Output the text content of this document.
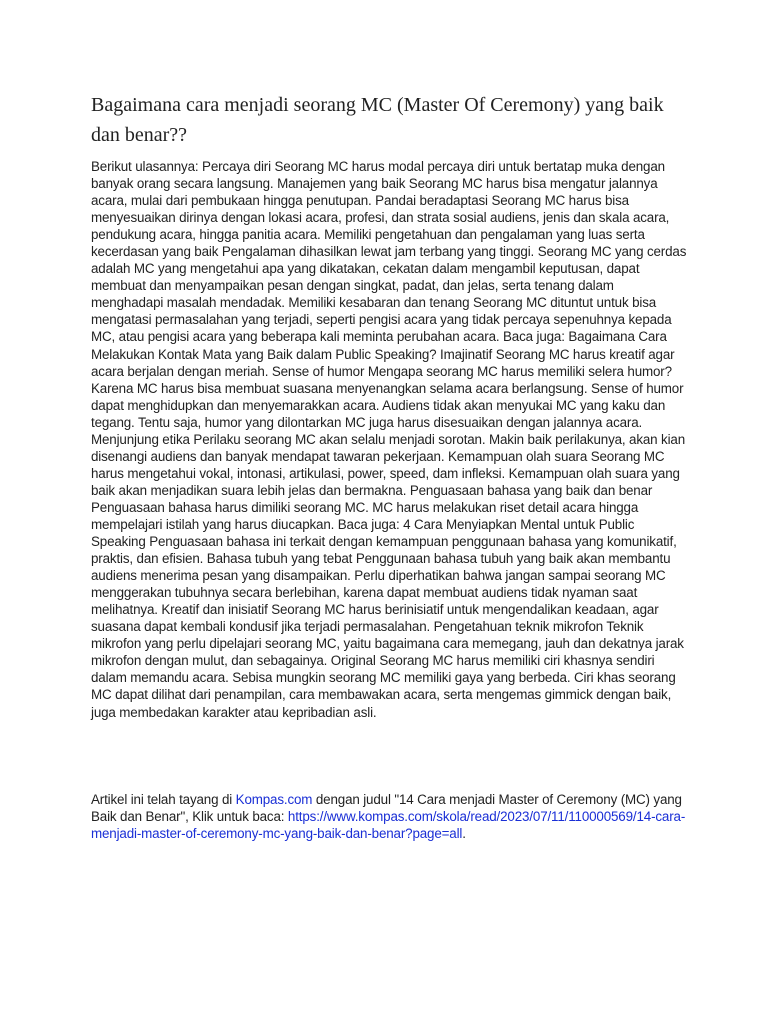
Bagaimana cara menjadi seorang MC (Master Of Ceremony) yang baik dan benar??

Berikut ulasannya: Percaya diri Seorang MC harus modal percaya diri untuk bertatap muka dengan banyak orang secara langsung. Manajemen yang baik Seorang MC harus bisa mengatur jalannya acara, mulai dari pembukaan hingga penutupan. Pandai beradaptasi Seorang MC harus bisa menyesuaikan dirinya dengan lokasi acara, profesi, dan strata sosial audiens, jenis dan skala acara, pendukung acara, hingga panitia acara. Memiliki pengetahuan dan pengalaman yang luas serta kecerdasan yang baik Pengalaman dihasilkan lewat jam terbang yang tinggi. Seorang MC yang cerdas adalah MC yang mengetahui apa yang dikatakan, cekatan dalam mengambil keputusan, dapat membuat dan menyampaikan pesan dengan singkat, padat, dan jelas, serta tenang dalam menghadapi masalah mendadak. Memiliki kesabaran dan tenang Seorang MC dituntut untuk bisa mengatasi permasalahan yang terjadi, seperti pengisi acara yang tidak percaya sepenuhnya kepada MC, atau pengisi acara yang beberapa kali meminta perubahan acara. Baca juga: Bagaimana Cara Melakukan Kontak Mata yang Baik dalam Public Speaking? Imajinatif Seorang MC harus kreatif agar acara berjalan dengan meriah. Sense of humor Mengapa seorang MC harus memiliki selera humor?Karena MC harus bisa membuat suasana menyenangkan selama acara berlangsung. Sense of humor dapat menghidupkan dan menyemarakkan acara. Audiens tidak akan menyukai MC yang kaku dan tegang. Tentu saja, humor yang dilontarkan MC juga harus disesuaikan dengan jalannya acara. Menjunjung etika Perilaku seorang MC akan selalu menjadi sorotan. Makin baik perilakunya, akan kian disenangi audiens dan banyak mendapat tawaran pekerjaan. Kemampuan olah suara Seorang MC harus mengetahui vokal, intonasi, artikulasi, power, speed, dam infleksi. Kemampuan olah suara yang baik akan menjadikan suara lebih jelas dan bermakna. Penguasaan bahasa yang baik dan benar Penguasaan bahasa harus dimiliki seorang MC. MC harus melakukan riset detail acara hingga mempelajari istilah yang harus diucapkan. Baca juga: 4 Cara Menyiapkan Mental untuk Public Speaking Penguasaan bahasa ini terkait dengan kemampuan penggunaan bahasa yang komunikatif, praktis, dan efisien. Bahasa tubuh yang tebat Penggunaan bahasa tubuh yang baik akan membantu audiens menerima pesan yang disampaikan. Perlu diperhatikan bahwa jangan sampai seorang MC menggerakan tubuhnya secara berlebihan, karena dapat membuat audiens tidak nyaman saat melihatnya. Kreatif dan inisiatif Seorang MC harus berinisiatif untuk mengendalikan keadaan, agar suasana dapat kembali kondusif jika terjadi permasalahan. Pengetahuan teknik mikrofon Teknik mikrofon yang perlu dipelajari seorang MC, yaitu bagaimana cara memegang, jauh dan dekatnya jarak mikrofon dengan mulut, dan sebagainya. Original Seorang MC harus memiliki ciri khasnya sendiri dalam memandu acara. Sebisa mungkin seorang MC memiliki gaya yang berbeda. Ciri khas seorang MC dapat dilihat dari penampilan, cara membawakan acara, serta mengemas gimmick dengan baik, juga membedakan karakter atau kepribadian asli.

Artikel ini telah tayang di Kompas.com dengan judul "14 Cara menjadi Master of Ceremony (MC) yang Baik dan Benar", Klik untuk baca: https://www.kompas.com/skola/read/2023/07/11/110000569/14-cara-menjadi-master-of-ceremony-mc-yang-baik-dan-benar?page=all.
